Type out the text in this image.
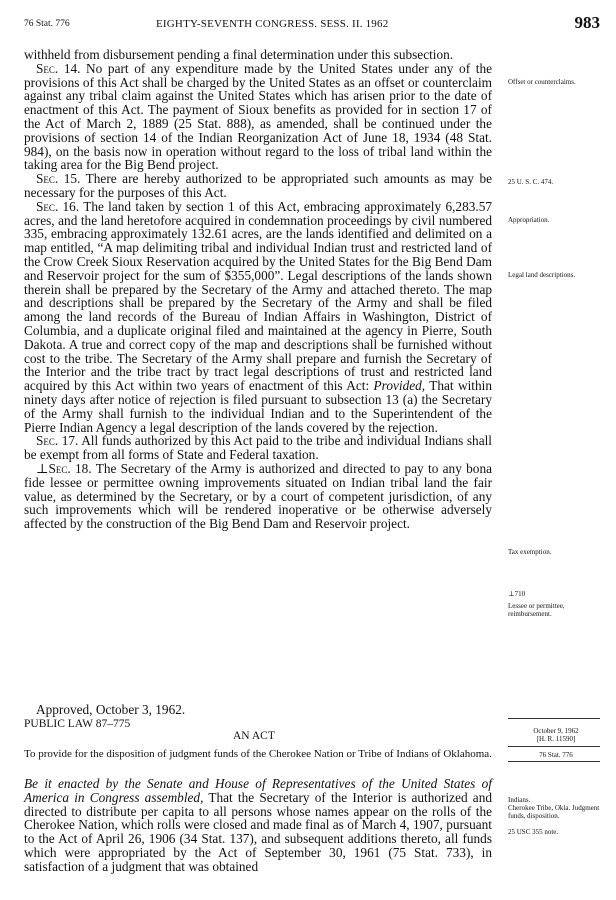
76 Stat. 776	EIGHTY-SEVENTH CONGRESS. SESS. II. 1962	983

withheld from disbursement pending a final determination under this subsection.

Sec. 14. No part of any expenditure made by the United States under any of the provisions of this Act shall be charged by the United States as an offset or counterclaim against any tribal claim against the United States which has arisen prior to the date of enactment of this Act. The payment of Sioux benefits as provided for in section 17 of the Act of March 2, 1889 (25 Stat. 888), as amended, shall be continued under the provisions of section 14 of the Indian Reorganization Act of June 18, 1934 (48 Stat. 984), on the basis now in operation without regard to the loss of tribal land within the taking area for the Big Bend project.

Sec. 15. There are hereby authorized to be appropriated such amounts as may be necessary for the purposes of this Act.

Sec. 16. The land taken by section 1 of this Act, embracing approximately 6,283.57 acres, and the land heretofore acquired in condemnation proceedings by civil numbered 335, embracing approximately 132.61 acres, are the lands identified and delimited on a map entitled, “A map delimiting tribal and individual Indian trust and restricted land of the Crow Creek Sioux Reservation acquired by the United States for the Big Bend Dam and Reservoir project for the sum of $355,000”. Legal descriptions of the lands shown therein shall be prepared by the Secretary of the Army and attached thereto. The map and descriptions shall be prepared by the Secretary of the Army and shall be filed among the land records of the Bureau of Indian Affairs in Washington, District of Columbia, and a duplicate original filed and maintained at the agency in Pierre, South Dakota. A true and correct copy of the map and descriptions shall be furnished without cost to the tribe. The Secretary of the Army shall prepare and furnish the Secretary of the Interior and the tribe tract by tract legal descriptions of trust and restricted land acquired by this Act within two years of enactment of this Act: Provided, That within ninety days after notice of rejection is filed pursuant to subsection 13 (a) the Secretary of the Army shall furnish to the individual Indian and to the Superintendent of the Pierre Indian Agency a legal description of the lands covered by the rejection.

Sec. 17. All funds authorized by this Act paid to the tribe and individual Indians shall be exempt from all forms of State and Federal taxation.

⊥Sec. 18. The Secretary of the Army is authorized and directed to pay to any bona fide lessee or permittee owning improvements situated on Indian tribal land the fair value, as determined by the Secretary, or by a court of competent jurisdiction, of any such improvements which will be rendered inoperative or be otherwise adversely affected by the construction of the Big Bend Dam and Reservoir project.

Approved, October 3, 1962.

PUBLIC LAW 87–775
AN ACT
To provide for the disposition of judgment funds of the Cherokee Nation or Tribe of Indians of Oklahoma.

Be it enacted by the Senate and House of Representatives of the United States of America in Congress assembled, That the Secretary of the Interior is authorized and directed to distribute per capita to all persons whose names appear on the rolls of the Cherokee Nation, which rolls were closed and made final as of March 4, 1907, pursuant to the Act of April 26, 1906 (34 Stat. 137), and subsequent additions thereto, all funds which were appropriated by the Act of September 30, 1961 (75 Stat. 733), in satisfaction of a judgment that was obtained

Offset or counterclaims.

25 U. S. C. 474.

Appropriation.

Legal land descriptions.

Tax exemption.

⊥710

Lessee or permittee, reimbursement.

October 9, 1962

[H. R. 11590]

76 Stat. 776

Indians.

Cherokee Tribe, Okla. Judgment funds, disposition.

25 USC 355 note.
